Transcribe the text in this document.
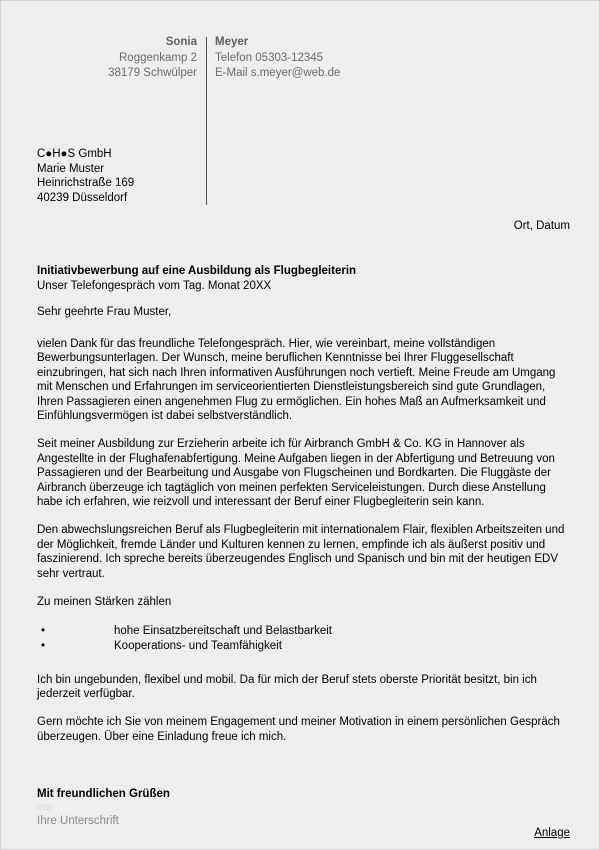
Sonia
Roggenkamp 2
38179 Schwülper
Meyer
Telefon 05303-12345
E-Mail s.meyer@web.de
C●H●S GmbH
Marie Muster
Heinrichstraße 169
40239 Düsseldorf
Ort, Datum
Initiativbewerbung auf eine Ausbildung als Flugbegleiterin
Unser Telefongespräch vom Tag. Monat 20XX
Sehr geehrte Frau Muster,

vielen Dank für das freundliche Telefongespräch. Hier, wie vereinbart, meine vollständigen Bewerbungsunterlagen. Der Wunsch, meine beruflichen Kenntnisse bei Ihrer Fluggesellschaft einzubringen, hat sich nach Ihren informativen Ausführungen noch vertieft. Meine Freude am Umgang mit Menschen und Erfahrungen im serviceorientierten Dienstleistungsbereich sind gute Grundlagen, Ihren Passagieren einen angenehmen Flug zu ermöglichen. Ein hohes Maß an Aufmerksamkeit und Einfühlungsvermögen ist dabei selbstverständlich.

Seit meiner Ausbildung zur Erzieherin arbeite ich für Airbranch GmbH & Co. KG in Hannover als Angestellte in der Flughafenabfertigung. Meine Aufgaben liegen in der Abfertigung und Betreuung von Passagieren und der Bearbeitung und Ausgabe von Flugscheinen und Bordkarten. Die Fluggäste der Airbranch überzeuge ich tagtäglich von meinen perfekten Serviceleistungen. Durch diese Anstellung habe ich erfahren, wie reizvoll und interessant der Beruf einer Flugbegleiterin sein kann.

Den abwechslungsreichen Beruf als Flugbegleiterin mit internationalem Flair, flexiblen Arbeitszeiten und der Möglichkeit, fremde Länder und Kulturen kennen zu lernen, empfinde ich als äußerst positiv und faszinierend. Ich spreche bereits überzeugendes Englisch und Spanisch und bin mit der heutigen EDV sehr vertraut.

Zu meinen Stärken zählen

•	hohe Einsatzbereitschaft und Belastbarkeit
•	Kooperations- und Teamfähigkeit

Ich bin ungebunden, flexibel und mobil. Da für mich der Beruf stets oberste Priorität besitzt, bin ich jederzeit verfügbar.

Gern möchte ich Sie von meinem Engagement und meiner Motivation in einem persönlichen Gespräch überzeugen. Über eine Einladung freue ich mich.

Mit freundlichen Grüßen
http
Ihre Unterschrift
Anlage
